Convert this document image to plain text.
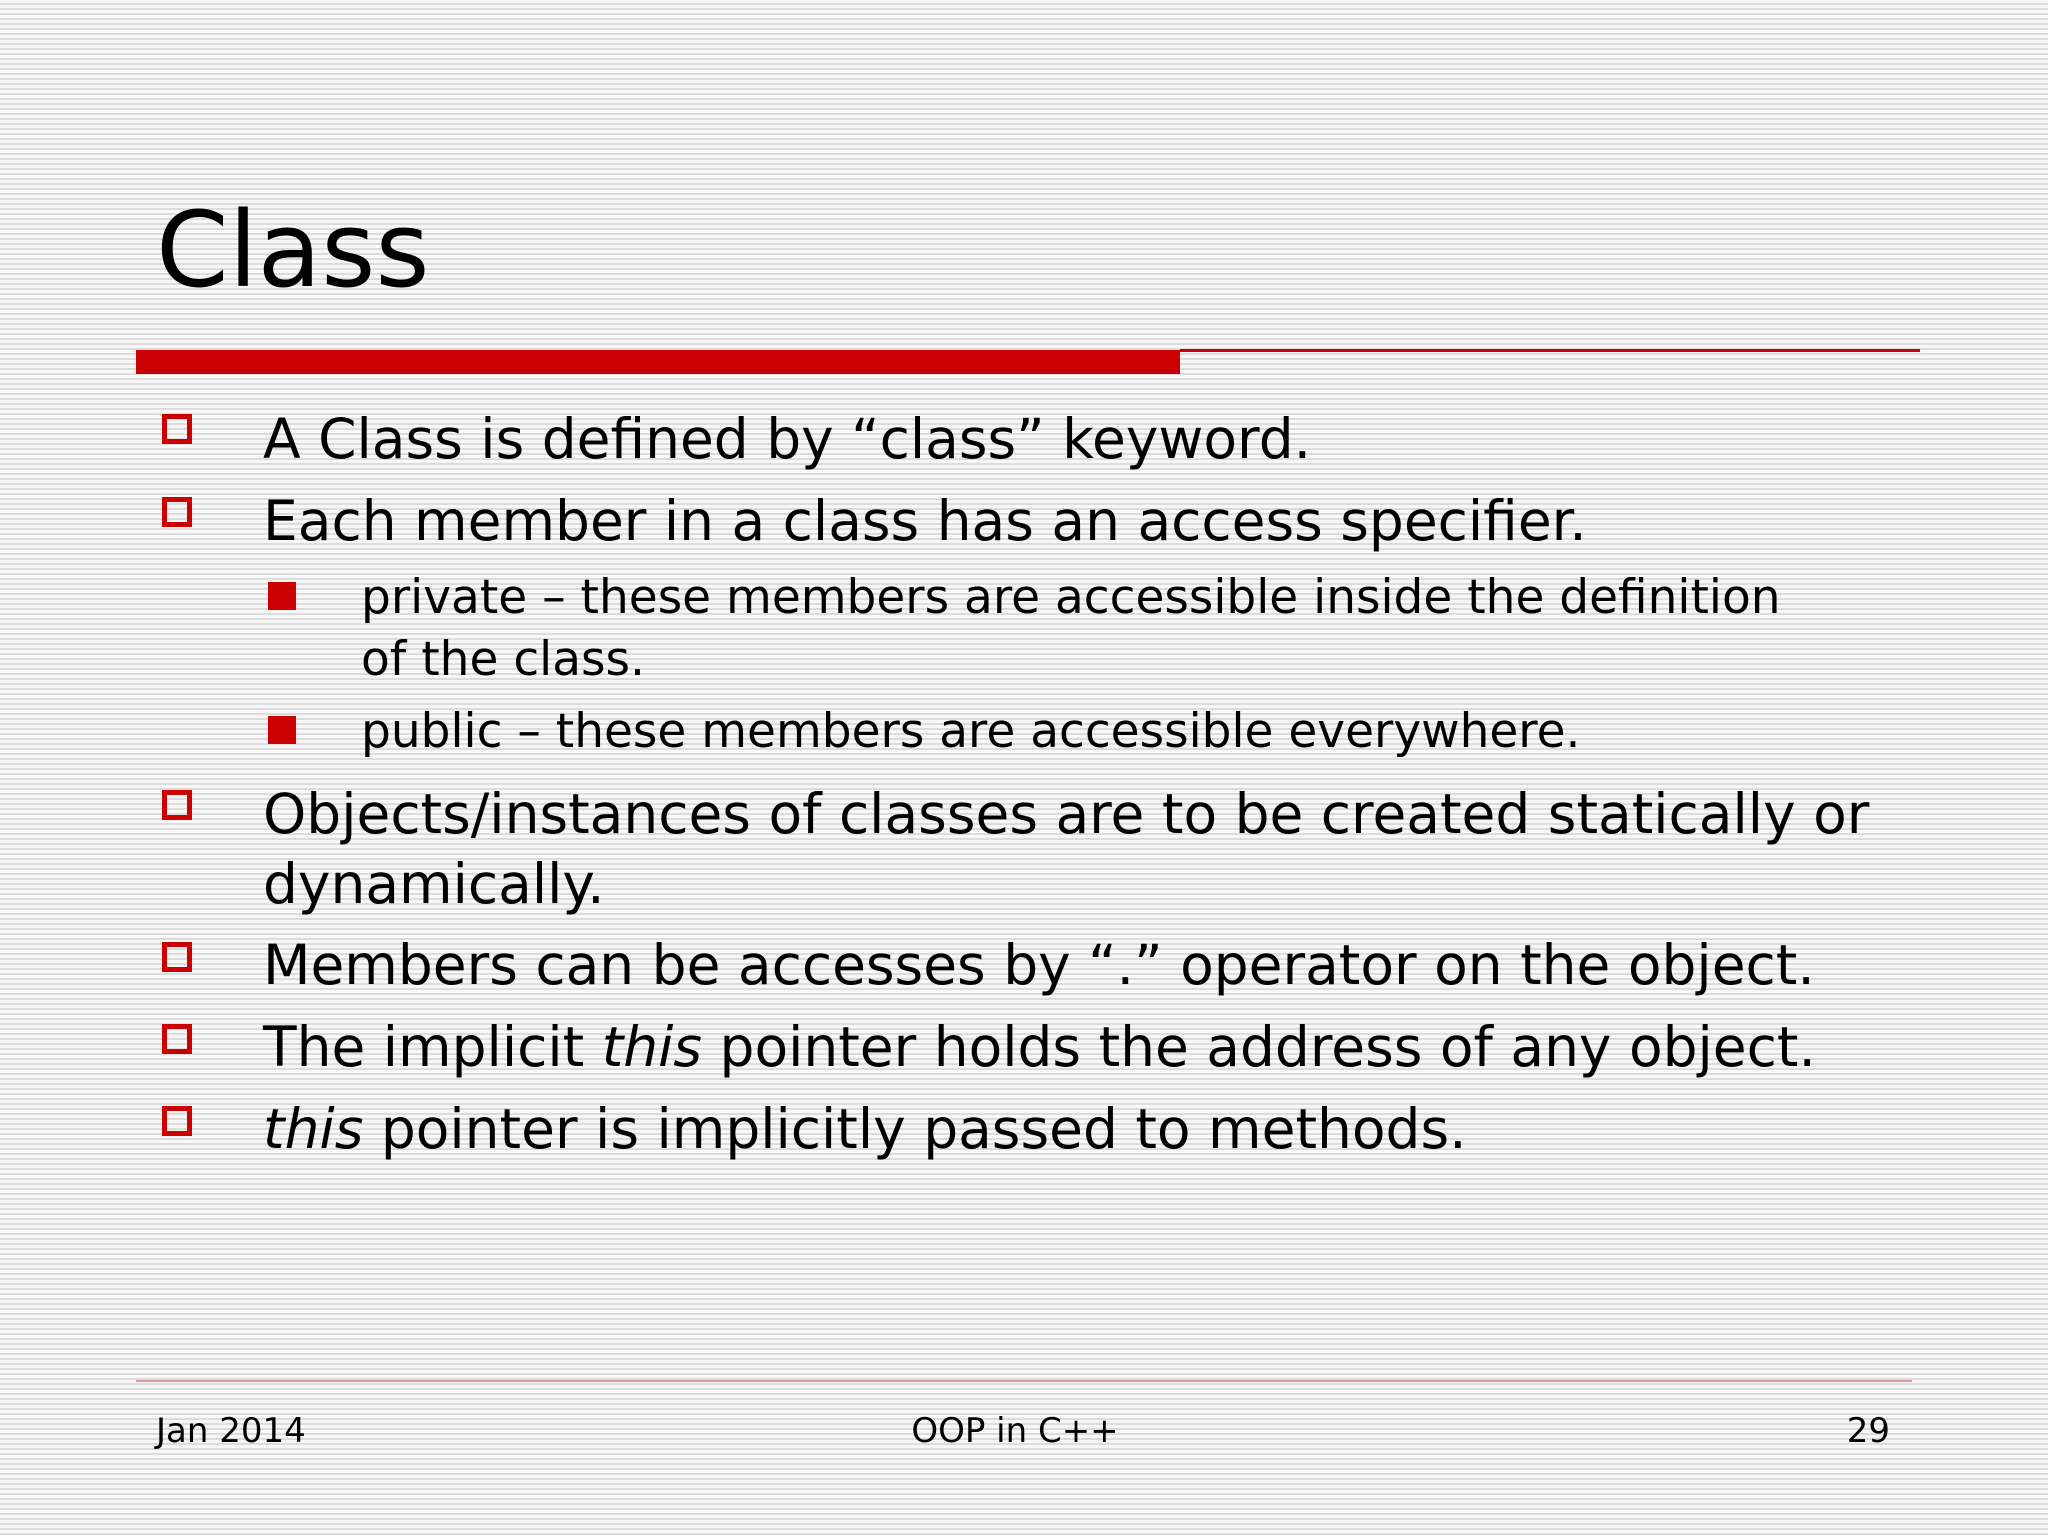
Class
A Class is defined by “class” keyword.
Each member in a class has an access specifier.
private – these members are accessible inside the definition
of the class.
public – these members are accessible everywhere.
Objects/instances of classes are to be created statically or
dynamically.
Members can be accesses by “.” operator on the object.
The implicit this pointer holds the address of any object.
this pointer is implicitly passed to methods.
Jan 2014	OOP in C++	29
